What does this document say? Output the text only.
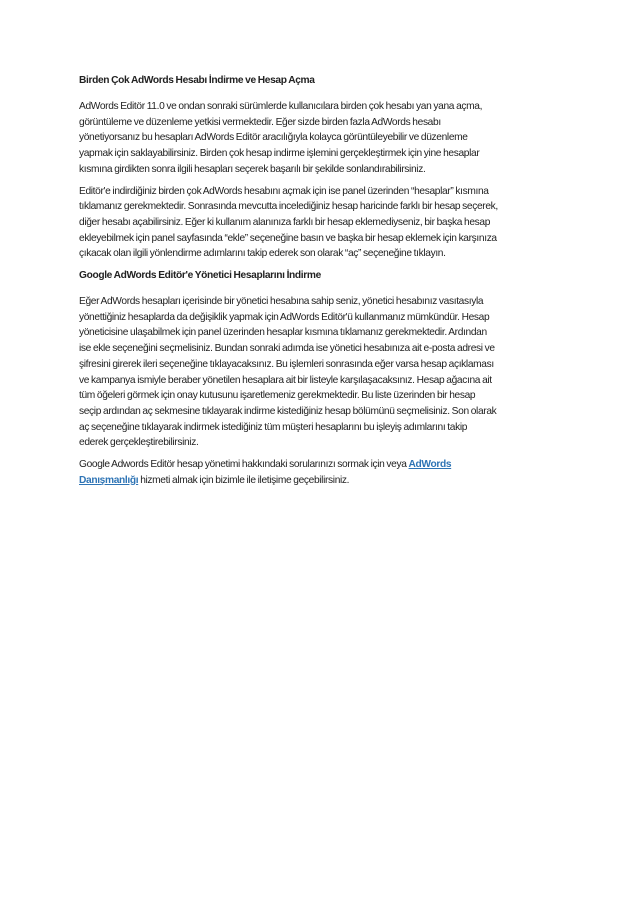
Birden Çok AdWords Hesabı İndirme ve Hesap Açma
AdWords Editör 11.0 ve ondan sonraki sürümlerde kullanıcılara birden çok hesabı yan yana açma,
görüntüleme ve düzenleme yetkisi vermektedir. Eğer sizde birden fazla AdWords hesabı
yönetiyorsanız bu hesapları AdWords Editör aracılığıyla kolayca görüntüleyebilir ve düzenleme
yapmak için saklayabilirsiniz. Birden çok hesap indirme işlemini gerçekleştirmek için yine hesaplar
kısmına girdikten sonra ilgili hesapları seçerek başarılı bir şekilde sonlandırabilirsiniz.
Editör'e indirdiğiniz birden çok AdWords hesabını açmak için ise panel üzerinden “hesaplar” kısmına
tıklamanız gerekmektedir. Sonrasında mevcutta incelediğiniz hesap haricinde farklı bir hesap seçerek,
diğer hesabı açabilirsiniz. Eğer ki kullanım alanınıza farklı bir hesap eklemediyseniz, bir başka hesap
ekleyebilmek için panel sayfasında “ekle” seçeneğine basın ve başka bir hesap eklemek için karşınıza
çıkacak olan ilgili yönlendirme adımlarını takip ederek son olarak “aç” seçeneğine tıklayın.
Google AdWords Editör'e Yönetici Hesaplarını İndirme
Eğer AdWords hesapları içerisinde bir yönetici hesabına sahip seniz, yönetici hesabınız vasıtasıyla
yönettiğiniz hesaplarda da değişiklik yapmak için AdWords Editör'ü kullanmanız mümkündür. Hesap
yöneticisine ulaşabilmek için panel üzerinden hesaplar kısmına tıklamanız gerekmektedir. Ardından
ise ekle seçeneğini seçmelisiniz. Bundan sonraki adımda ise yönetici hesabınıza ait e-posta adresi ve
şifresini girerek ileri seçeneğine tıklayacaksınız. Bu işlemleri sonrasında eğer varsa hesap açıklaması
ve kampanya ismiyle beraber yönetilen hesaplara ait bir listeyle karşılaşacaksınız. Hesap ağacına ait
tüm öğeleri görmek için onay kutusunu işaretlemeniz gerekmektedir. Bu liste üzerinden bir hesap
seçip ardından aç sekmesine tıklayarak indirme kistediğiniz hesap bölümünü seçmelisiniz. Son olarak
aç seçeneğine tıklayarak indirmek istediğiniz tüm müşteri hesaplarını bu işleyiş adımlarını takip
ederek gerçekleştirebilirsiniz.
Google Adwords Editör hesap yönetimi hakkındaki sorularınızı sormak için veya AdWords
Danışmanlığı hizmeti almak için bizimle ile iletişime geçebilirsiniz.
